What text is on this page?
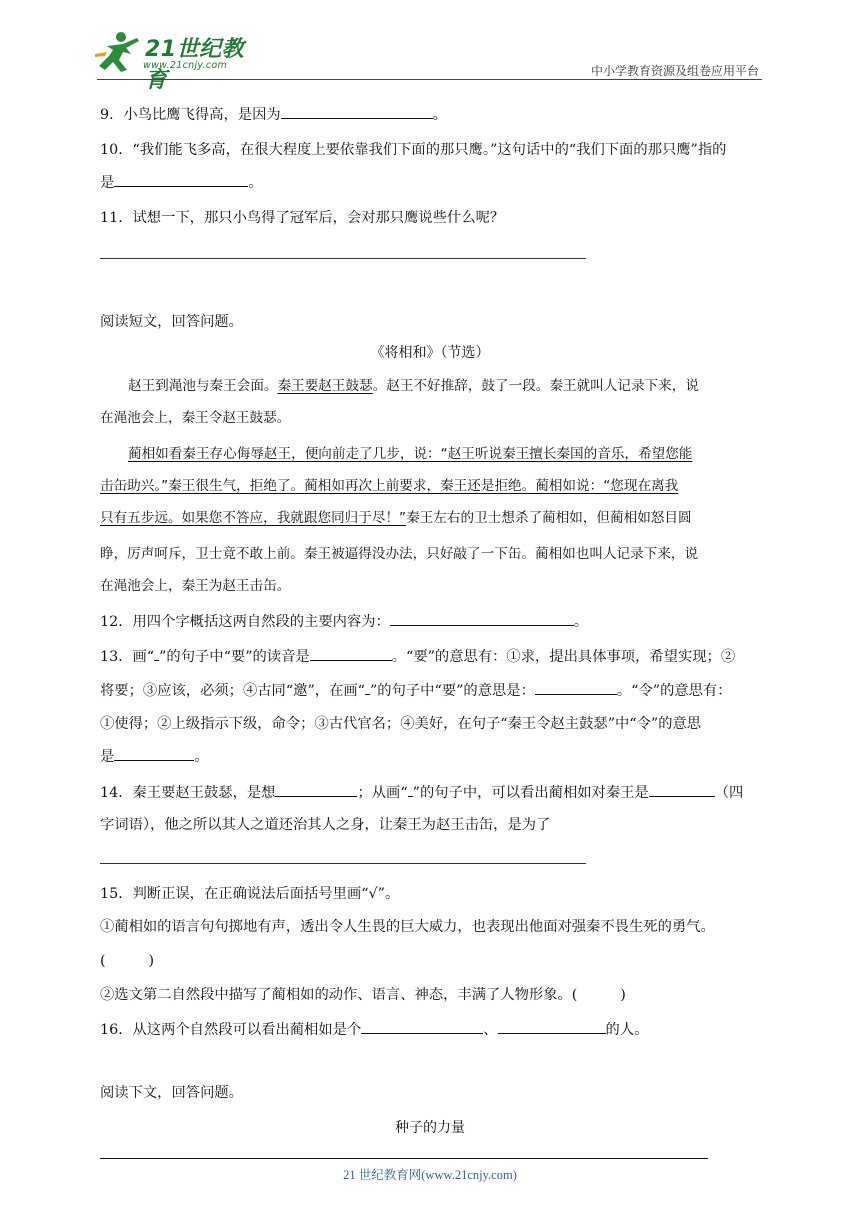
21世纪教育
www.21cnjy.com	中小学教育资源及组卷应用平台
9．小鸟比鹰飞得高，是因为	。
10．“我们能飞多高，在很大程度上要依靠我们下面的那只鹰。”这句话中的“我们下面的那只鹰”指的
是	。
11．试想一下，那只小鸟得了冠军后，会对那只鹰说些什么呢？
阅读短文，回答问题。
《将相和》（节选）
赵王到渑池与秦王会面。秦王要赵王鼓瑟。赵王不好推辞，鼓了一段。秦王就叫人记录下来，说
在渑池会上，秦王令赵王鼓瑟。
蔺相如看秦王存心侮辱赵王，便向前走了几步，说：“赵王听说秦王擅长秦国的音乐，希望您能
击缶助兴。”秦王很生气，拒绝了。蔺相如再次上前要求，秦王还是拒绝。蔺相如说：“您现在离我
只有五步远。如果您不答应，我就跟您同归于尽！”秦王左右的卫士想杀了蔺相如，但蔺相如怒目圆
睁，厉声呵斥，卫士竟不敢上前。秦王被逼得没办法，只好敲了一下缶。蔺相如也叫人记录下来，说
在渑池会上，秦王为赵王击缶。
12．用四个字概括这两自然段的主要内容为：	。
13．画“ ”的句子中“要”的读音是	。“要”的意思有：①求，提出具体事项，希望实现；②
将要；③应该，必须；④古同“邀”，在画“ ”的句子中“要”的意思是：	。“令”的意思有：
①使得；②上级指示下级，命令；③古代官名；④美好，在句子“秦王令赵主鼓瑟”中“令”的意思
是	。
14．秦王要赵王鼓瑟，是想	；从画“ ”的句子中，可以看出蔺相如对秦王是	（四
字词语），他之所以其人之道还治其人之身，让秦王为赵王击缶，是为了
15．判断正误，在正确说法后面括号里画“√”。
①蔺相如的语言句句掷地有声，透出令人生畏的巨大威力，也表现出他面对强秦不畏生死的勇气。
(　　　)
②选文第二自然段中描写了蔺相如的动作、语言、神态，丰满了人物形象。(　　　)
16．从这两个自然段可以看出蔺相如是个	、	的人。
阅读下文，回答问题。
种子的力量
21 世纪教育网(www.21cnjy.com)
